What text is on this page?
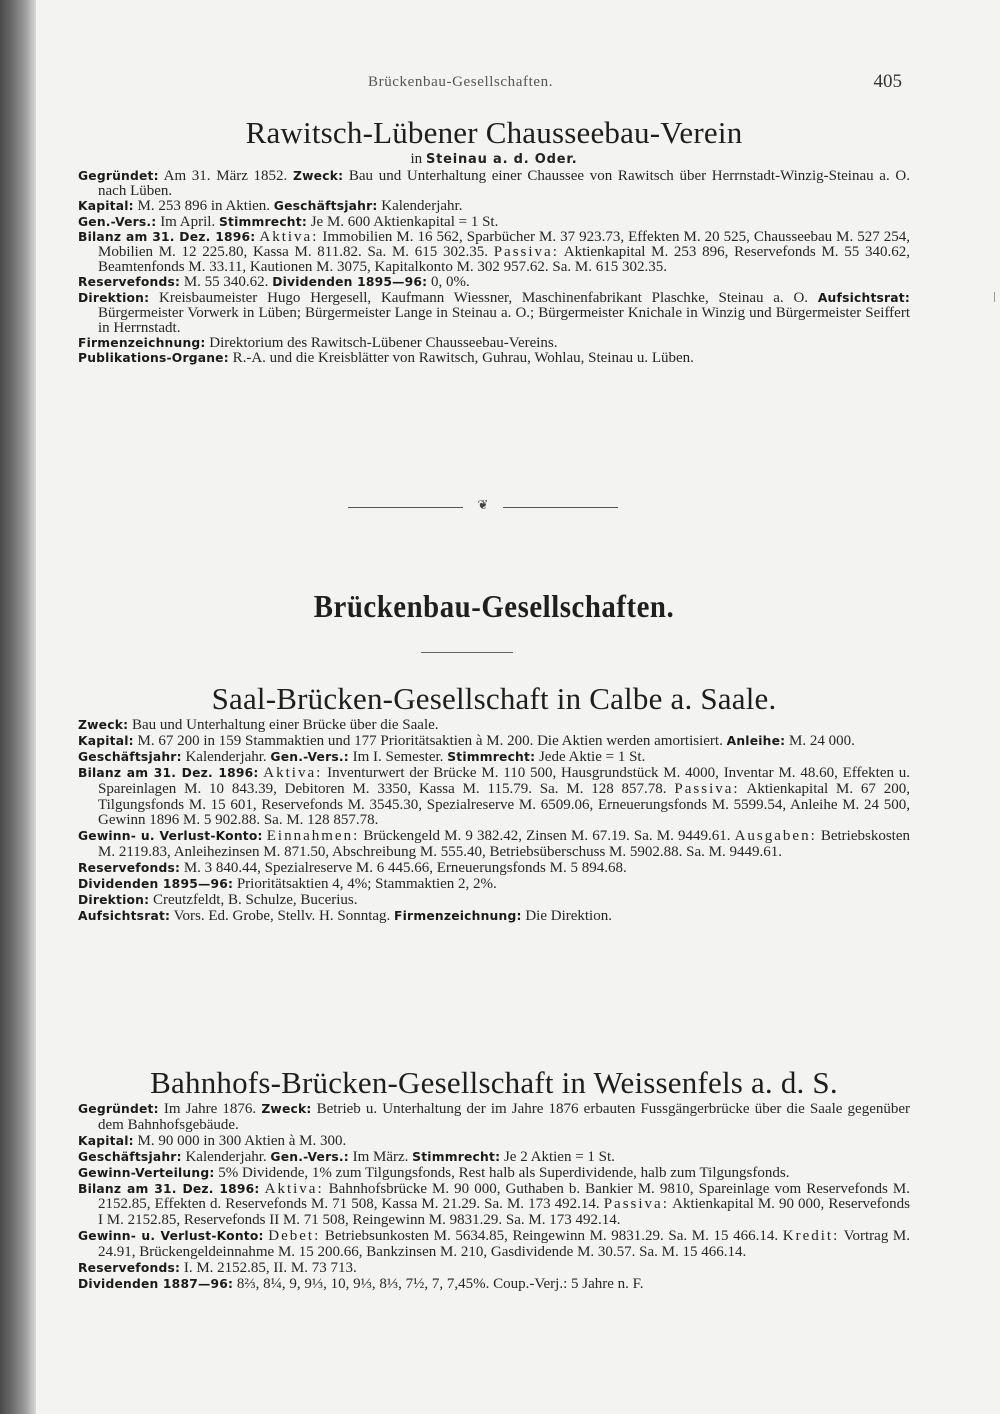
Brückenbau-Gesellschaften.	405
Rawitsch-Lübener Chausseebau-Verein
in Steinau a. d. Oder.

Gegründet: Am 31. März 1852. Zweck: Bau und Unterhaltung einer Chaussee von Rawitsch über Herrnstadt-Winzig-Steinau a. O. nach Lüben.

Kapital: M. 253 896 in Aktien. Geschäftsjahr: Kalenderjahr.

Gen.-Vers.: Im April. Stimmrecht: Je M. 600 Aktienkapital = 1 St.

Bilanz am 31. Dez. 1896: Aktiva: Immobilien M. 16 562, Sparbücher M. 37 923.73, Effekten M. 20 525, Chausseebau M. 527 254, Mobilien M. 12 225.80, Kassa M. 811.82. Sa. M. 615 302.35. Passiva: Aktienkapital M. 253 896, Reservefonds M. 55 340.62, Beamtenfonds M. 33.11, Kautionen M. 3075, Kapitalkonto M. 302 957.62. Sa. M. 615 302.35.

Reservefonds: M. 55 340.62. Dividenden 1895—96: 0, 0%.

Direktion: Kreisbaumeister Hugo Hergesell, Kaufmann Wiessner, Maschinenfabrikant Plaschke, Steinau a. O. Aufsichtsrat: Bürgermeister Vorwerk in Lüben; Bürgermeister Lange in Steinau a. O.; Bürgermeister Knichale in Winzig und Bürgermeister Seiffert in Herrnstadt.

Firmenzeichnung: Direktorium des Rawitsch-Lübener Chausseebau-Vereins.

Publikations-Organe: R.-A. und die Kreisblätter von Rawitsch, Guhrau, Wohlau, Steinau u. Lüben.

❦
Brückenbau-Gesellschaften.
Saal-Brücken-Gesellschaft in Calbe a. Saale.

Zweck: Bau und Unterhaltung einer Brücke über die Saale.

Kapital: M. 67 200 in 159 Stammaktien und 177 Prioritätsaktien à M. 200. Die Aktien werden amortisiert. Anleihe: M. 24 000.

Geschäftsjahr: Kalenderjahr. Gen.-Vers.: Im I. Semester. Stimmrecht: Jede Aktie = 1 St.

Bilanz am 31. Dez. 1896: Aktiva: Inventurwert der Brücke M. 110 500, Hausgrundstück M. 4000, Inventar M. 48.60, Effekten u. Spareinlagen M. 10 843.39, Debitoren M. 3350, Kassa M. 115.79. Sa. M. 128 857.78. Passiva: Aktienkapital M. 67 200, Tilgungsfonds M. 15 601, Reservefonds M. 3545.30, Spezialreserve M. 6509.06, Erneuerungsfonds M. 5599.54, Anleihe M. 24 500, Gewinn 1896 M. 5 902.88. Sa. M. 128 857.78.

Gewinn- u. Verlust-Konto: Einnahmen: Brückengeld M. 9 382.42, Zinsen M. 67.19. Sa. M. 9449.61. Ausgaben: Betriebskosten M. 2119.83, Anleihezinsen M. 871.50, Abschreibung M. 555.40, Betriebsüberschuss M. 5902.88. Sa. M. 9449.61.

Reservefonds: M. 3 840.44, Spezialreserve M. 6 445.66, Erneuerungsfonds M. 5 894.68.

Dividenden 1895—96: Prioritätsaktien 4, 4%; Stammaktien 2, 2%.

Direktion: Creutzfeldt, B. Schulze, Bucerius.

Aufsichtsrat: Vors. Ed. Grobe, Stellv. H. Sonntag. Firmenzeichnung: Die Direktion.

Bahnhofs-Brücken-Gesellschaft in Weissenfels a. d. S.

Gegründet: Im Jahre 1876. Zweck: Betrieb u. Unterhaltung der im Jahre 1876 erbauten Fussgängerbrücke über die Saale gegenüber dem Bahnhofsgebäude.

Kapital: M. 90 000 in 300 Aktien à M. 300.

Geschäftsjahr: Kalenderjahr. Gen.-Vers.: Im März. Stimmrecht: Je 2 Aktien = 1 St.

Gewinn-Verteilung: 5% Dividende, 1% zum Tilgungsfonds, Rest halb als Superdividende, halb zum Tilgungsfonds.

Bilanz am 31. Dez. 1896: Aktiva: Bahnhofsbrücke M. 90 000, Guthaben b. Bankier M. 9810, Spareinlage vom Reservefonds M. 2152.85, Effekten d. Reservefonds M. 71 508, Kassa M. 21.29. Sa. M. 173 492.14. Passiva: Aktienkapital M. 90 000, Reservefonds I M. 2152.85, Reservefonds II M. 71 508, Reingewinn M. 9831.29. Sa. M. 173 492.14.

Gewinn- u. Verlust-Konto: Debet: Betriebsunkosten M. 5634.85, Reingewinn M. 9831.29. Sa. M. 15 466.14. Kredit: Vortrag M. 24.91, Brückengeldeinnahme M. 15 200.66, Bankzinsen M. 210, Gasdividende M. 30.57. Sa. M. 15 466.14.

Reservefonds: I. M. 2152.85, II. M. 73 713.

Dividenden 1887—96: 8⅔, 8¼, 9, 9⅓, 10, 9⅓, 8⅓, 7½, 7, 7,45%. Coup.-Verj.: 5 Jahre n. F.
